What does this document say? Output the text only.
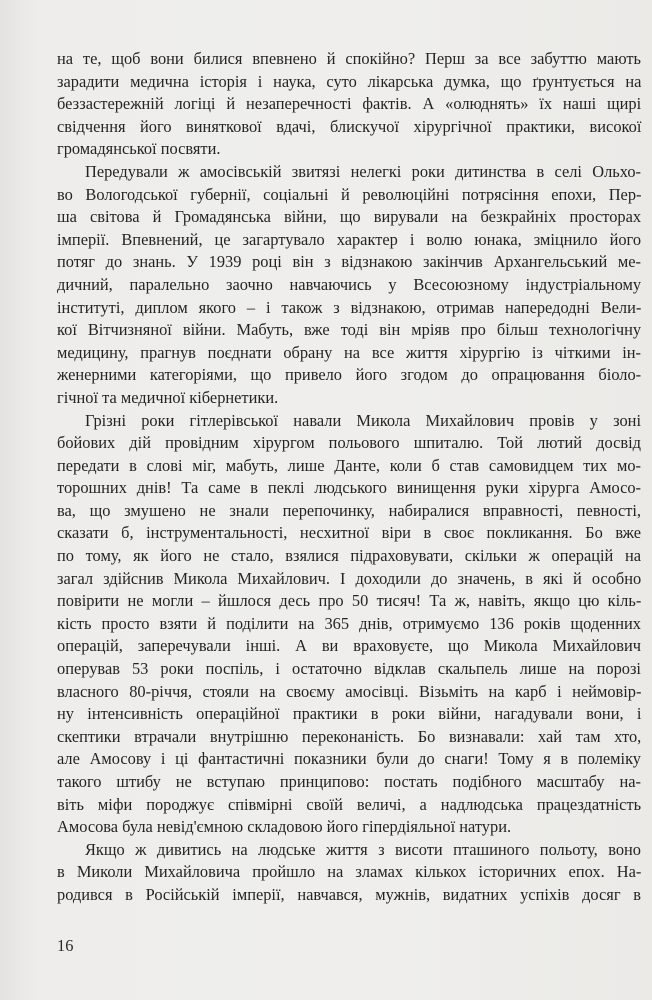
на те, щоб вони билися впевнено й спокійно? Перш за все забуттю мають
зарадити медична історія і наука, суто лікарська думка, що ґрунтується на
беззастережній логіці й незаперечності фактів. А «олюднять» їх наші щирі
свідчення його виняткової вдачі, блискучої хірургічної практики, високої
громадянської посвяти.

Передували ж амосівській звитязі нелегкі роки дитинства в селі Ольхо-
во Вологодської губернії, соціальні й революційні потрясіння епохи, Пер-
ша світова й Громадянська війни, що вирували на безкрайніх просторах
імперії. Впевнений, це загартувало характер і волю юнака, зміцнило його
потяг до знань. У 1939 році він з відзнакою закінчив Архангельський ме-
дичний, паралельно заочно навчаючись у Всесоюзному індустріальному
інституті, диплом якого – і також з відзнакою, отримав напередодні Вели-
кої Вітчизняної війни. Мабуть, вже тоді він мріяв про більш технологічну
медицину, прагнув поєднати обрану на все життя хірургію із чіткими ін-
женерними категоріями, що привело його згодом до опрацювання біоло-
гічної та медичної кібернетики.

Грізні роки гітлерівської навали Микола Михайлович провів у зоні
бойових дій провідним хірургом польового шпиталю. Той лютий досвід
передати в слові міг, мабуть, лише Данте, коли б став самовидцем тих мо-
торошних днів! Та саме в пеклі людського винищення руки хірурга Амосо-
ва, що змушено не знали перепочинку, набиралися вправності, певності,
сказати б, інструментальності, несхитної віри в своє покликання. Бо вже
по тому, як його не стало, взялися підраховувати, скільки ж операцій на
загал здійснив Микола Михайлович. І доходили до значень, в які й особно
повірити не могли – йшлося десь про 50 тисяч! Та ж, навіть, якщо цю кіль-
кість просто взяти й поділити на 365 днів, отримуємо 136 років щоденних
операцій, заперечували інші. А ви враховуєте, що Микола Михайлович
оперував 53 роки поспіль, і остаточно відклав скальпель лише на порозі
власного 80-річчя, стояли на своєму амосівці. Візьміть на карб і неймовір-
ну інтенсивність операційної практики в роки війни, нагадували вони, і
скептики втрачали внутрішню переконаність. Бо визнавали: хай там хто,
але Амосову і ці фантастичні показники були до снаги! Тому я в полеміку
такого штибу не вступаю принципово: постать подібного масштабу на-
віть міфи породжує співмірні своїй величі, а надлюдська працездатність
Амосова була невід'ємною складовою його гіпердіяльної натури.

Якщо ж дивитись на людське життя з висоти пташиного польоту, воно
в Миколи Михайловича пройшло на зламах кількох історичних епох. На-
родився в Російській імперії, навчався, мужнів, видатних успіхів досяг в

16
